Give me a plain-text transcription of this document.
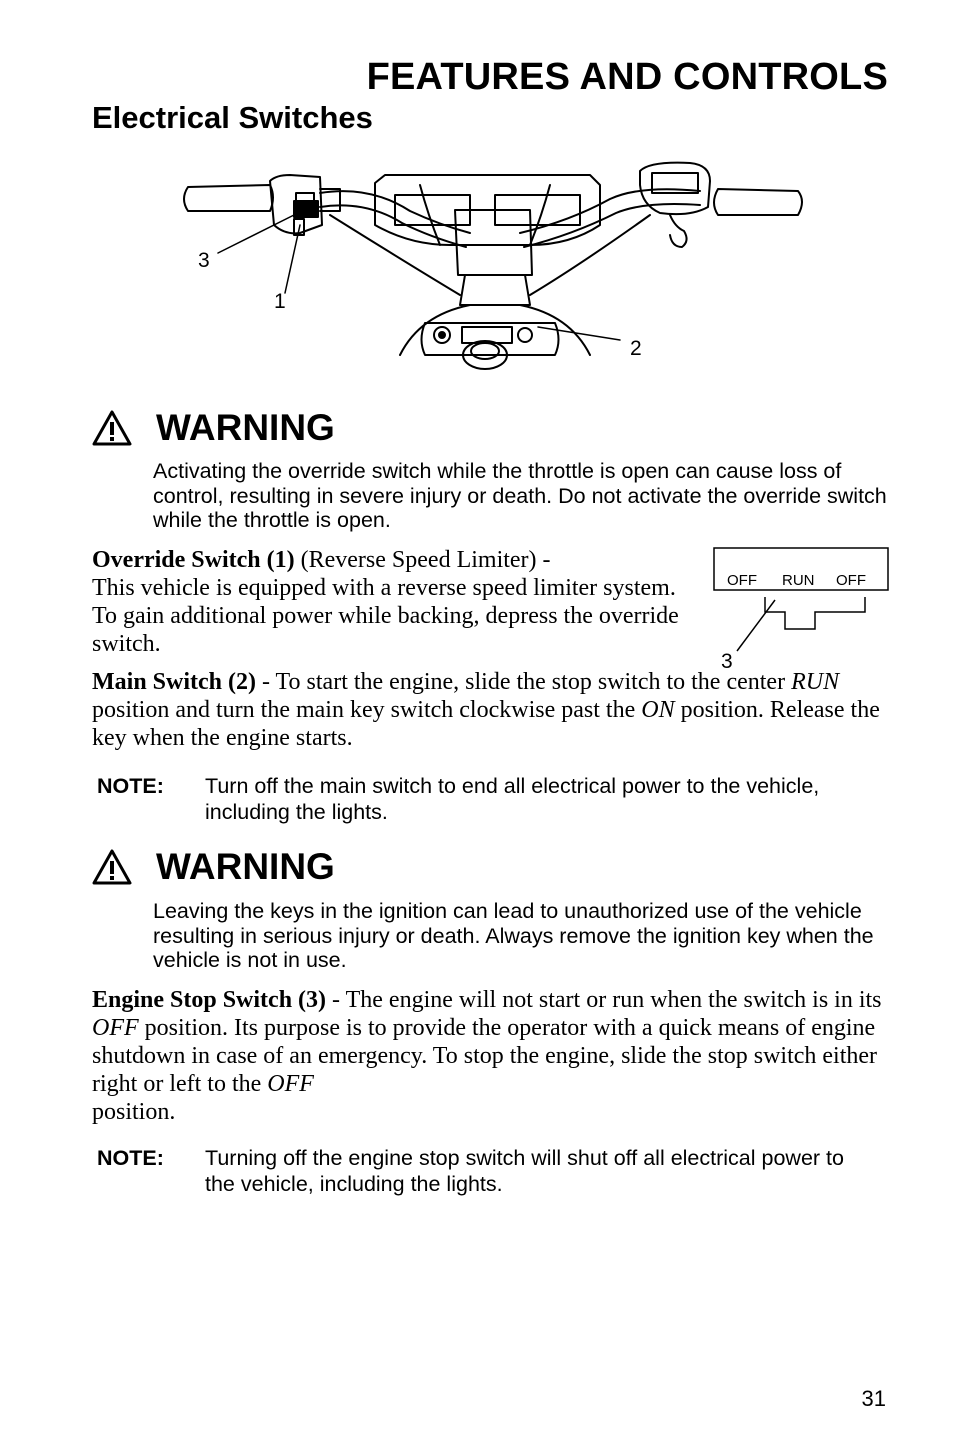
FEATURES AND CONTROLS
Electrical Switches
3
1
2
WARNING
Activating the override switch while the throttle is open can cause loss of control, resulting in severe injury or death. Do not activate the override switch while the throttle is open.
Override Switch (1) (Reverse Speed Limiter) -
This vehicle is equipped with a reverse speed limiter system. To gain additional power while backing, depress the override switch.
OFF RUN OFF
3
Main Switch (2) - To start the engine, slide the stop switch to the center RUN position and turn the main key switch clockwise past the ON position. Release the key when the engine starts.
NOTE: Turn off the main switch to end all electrical power to the vehicle, including the lights.
WARNING
Leaving the keys in the ignition can lead to unauthorized use of the vehicle resulting in serious injury or death. Always remove the ignition key when the vehicle is not in use.
Engine Stop Switch (3) - The engine will not start or run when the switch is in its OFF position. Its purpose is to provide the operator with a quick means of engine shutdown in case of an emergency. To stop the engine, slide the stop switch either right or left to the OFF
position.
NOTE: Turning off the engine stop switch will shut off all electrical power to the vehicle, including the lights.
31
